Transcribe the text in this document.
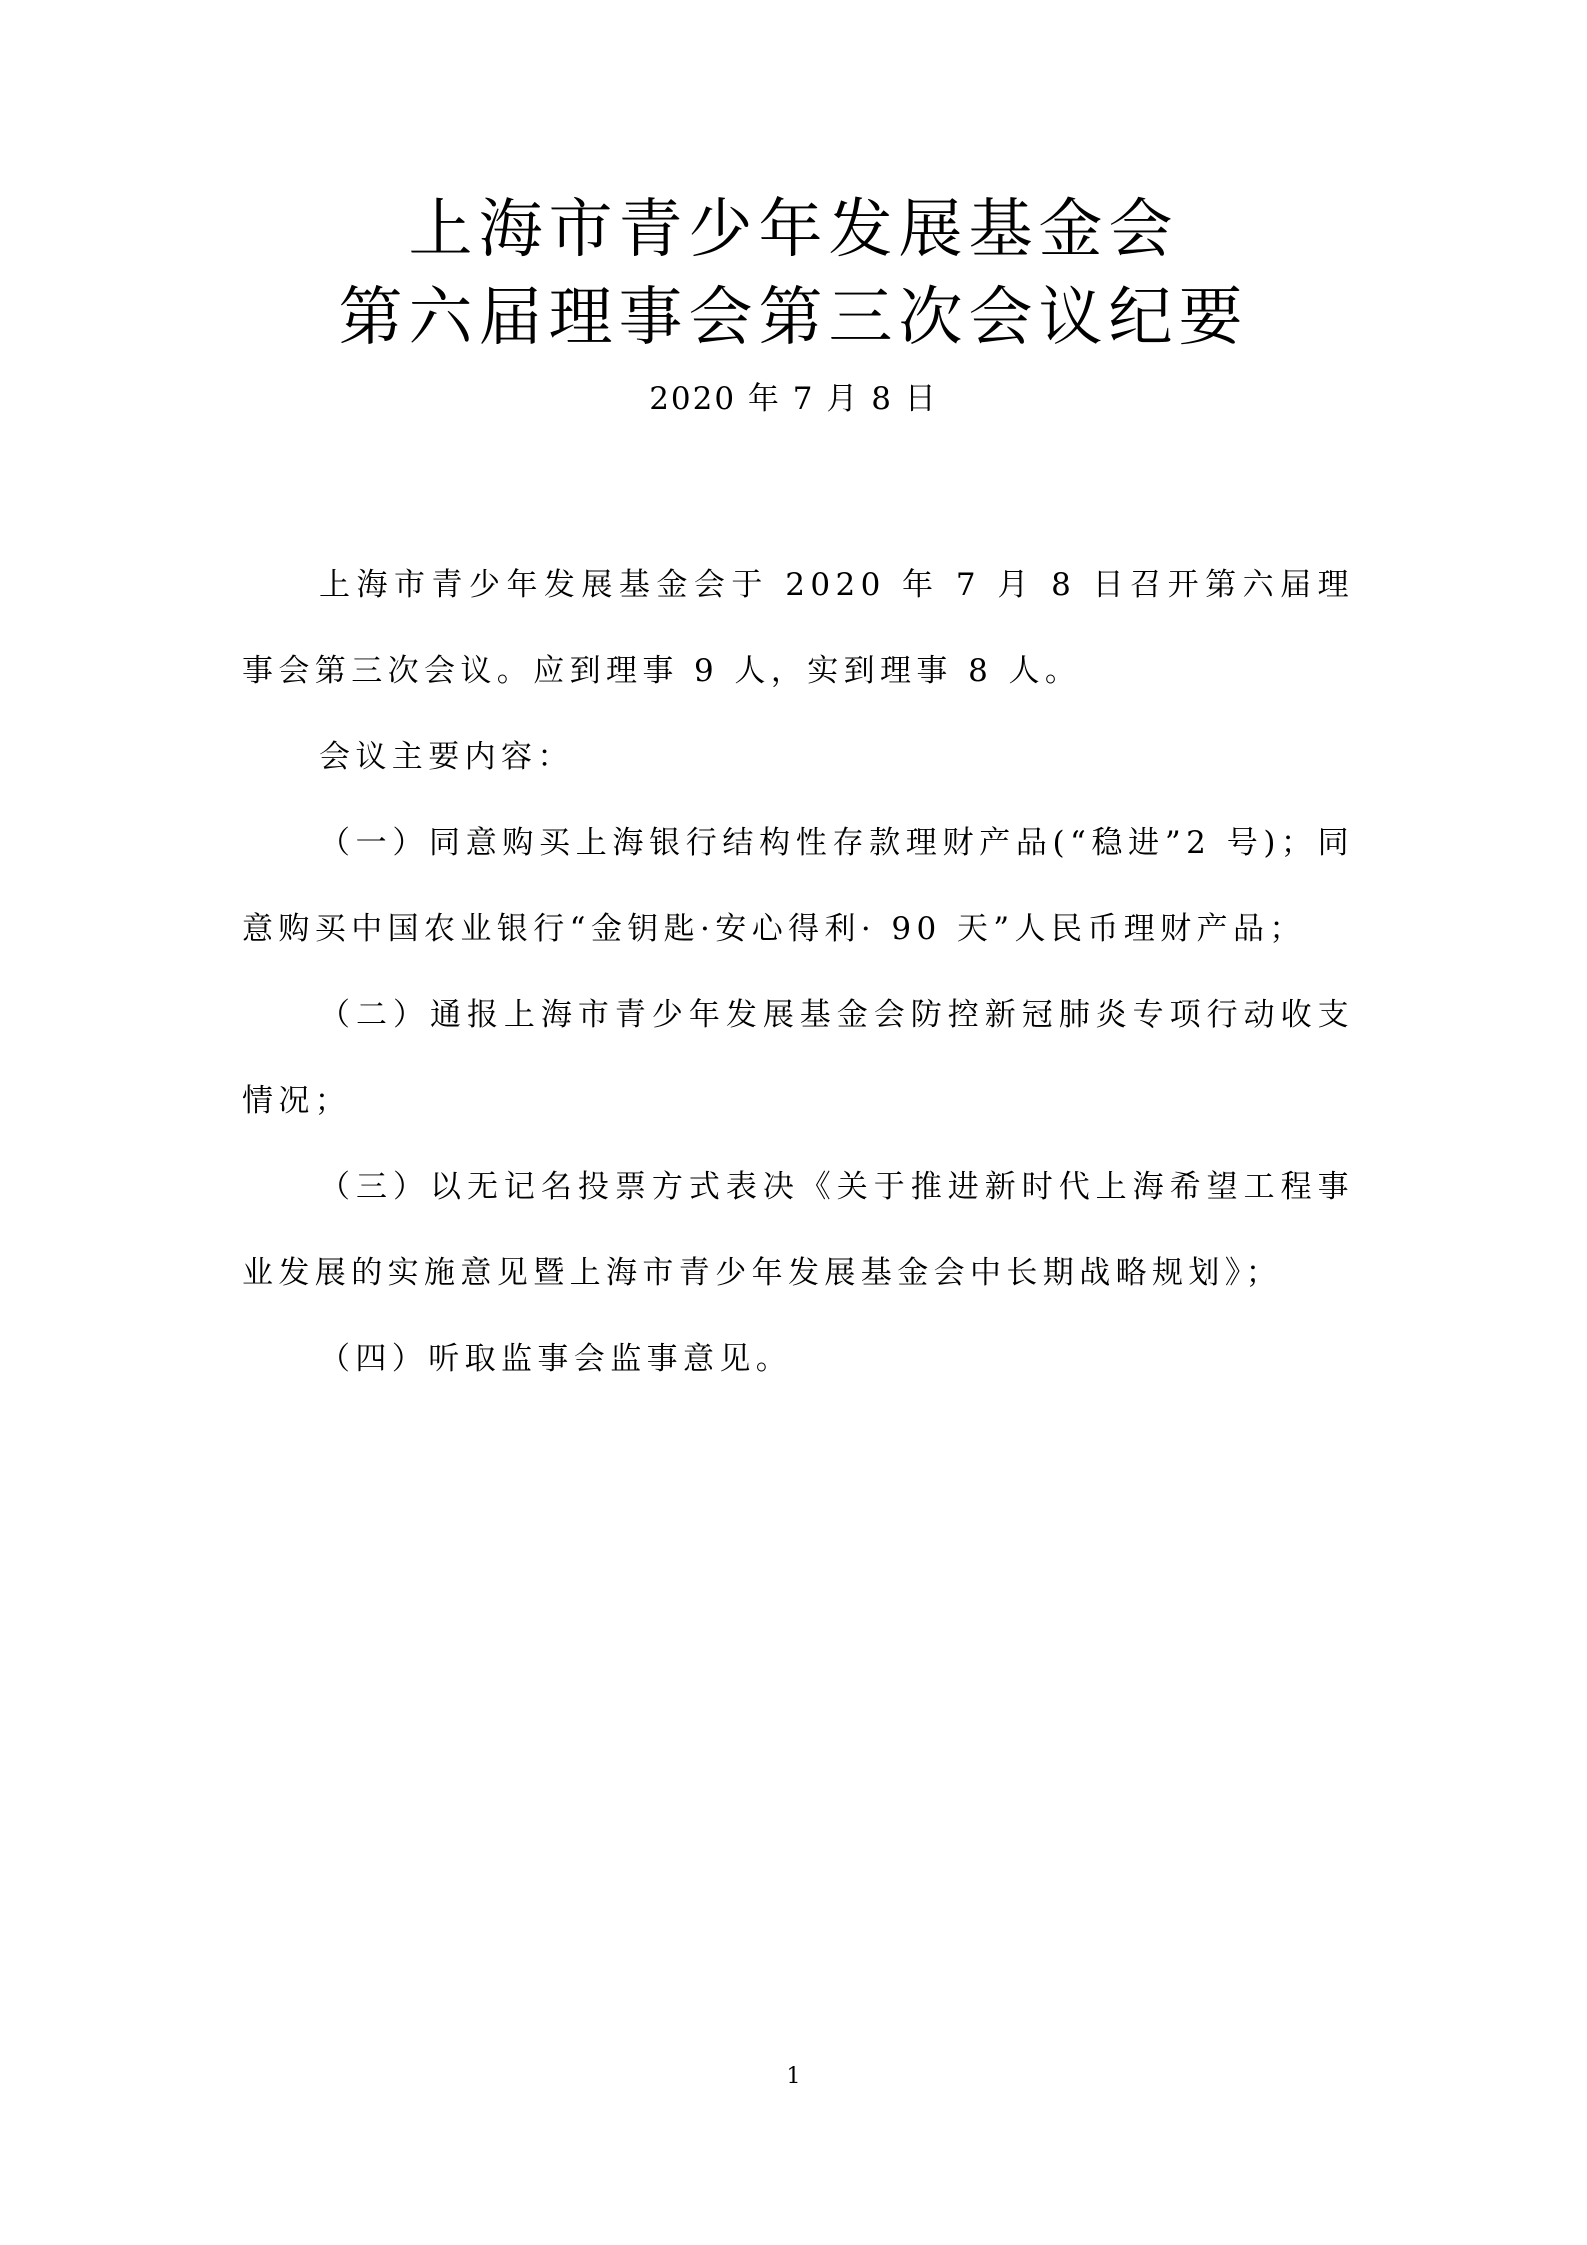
上海市青少年发展基金会
第六届理事会第三次会议纪要
2020 年 7 月 8 日

上海市青少年发展基金会于 2020 年 7 月 8 日召开第六届理事会第三次会议。应到理事 9 人，实到理事 8 人。

会议主要内容：

（一）同意购买上海银行结构性存款理财产品(“稳进”2 号)；同意购买中国农业银行“金钥匙·安心得利· 90 天”人民币理财产品；

（二）通报上海市青少年发展基金会防控新冠肺炎专项行动收支情况；

（三）以无记名投票方式表决《关于推进新时代上海希望工程事业发展的实施意见暨上海市青少年发展基金会中长期战略规划》；

（四）听取监事会监事意见。

1
